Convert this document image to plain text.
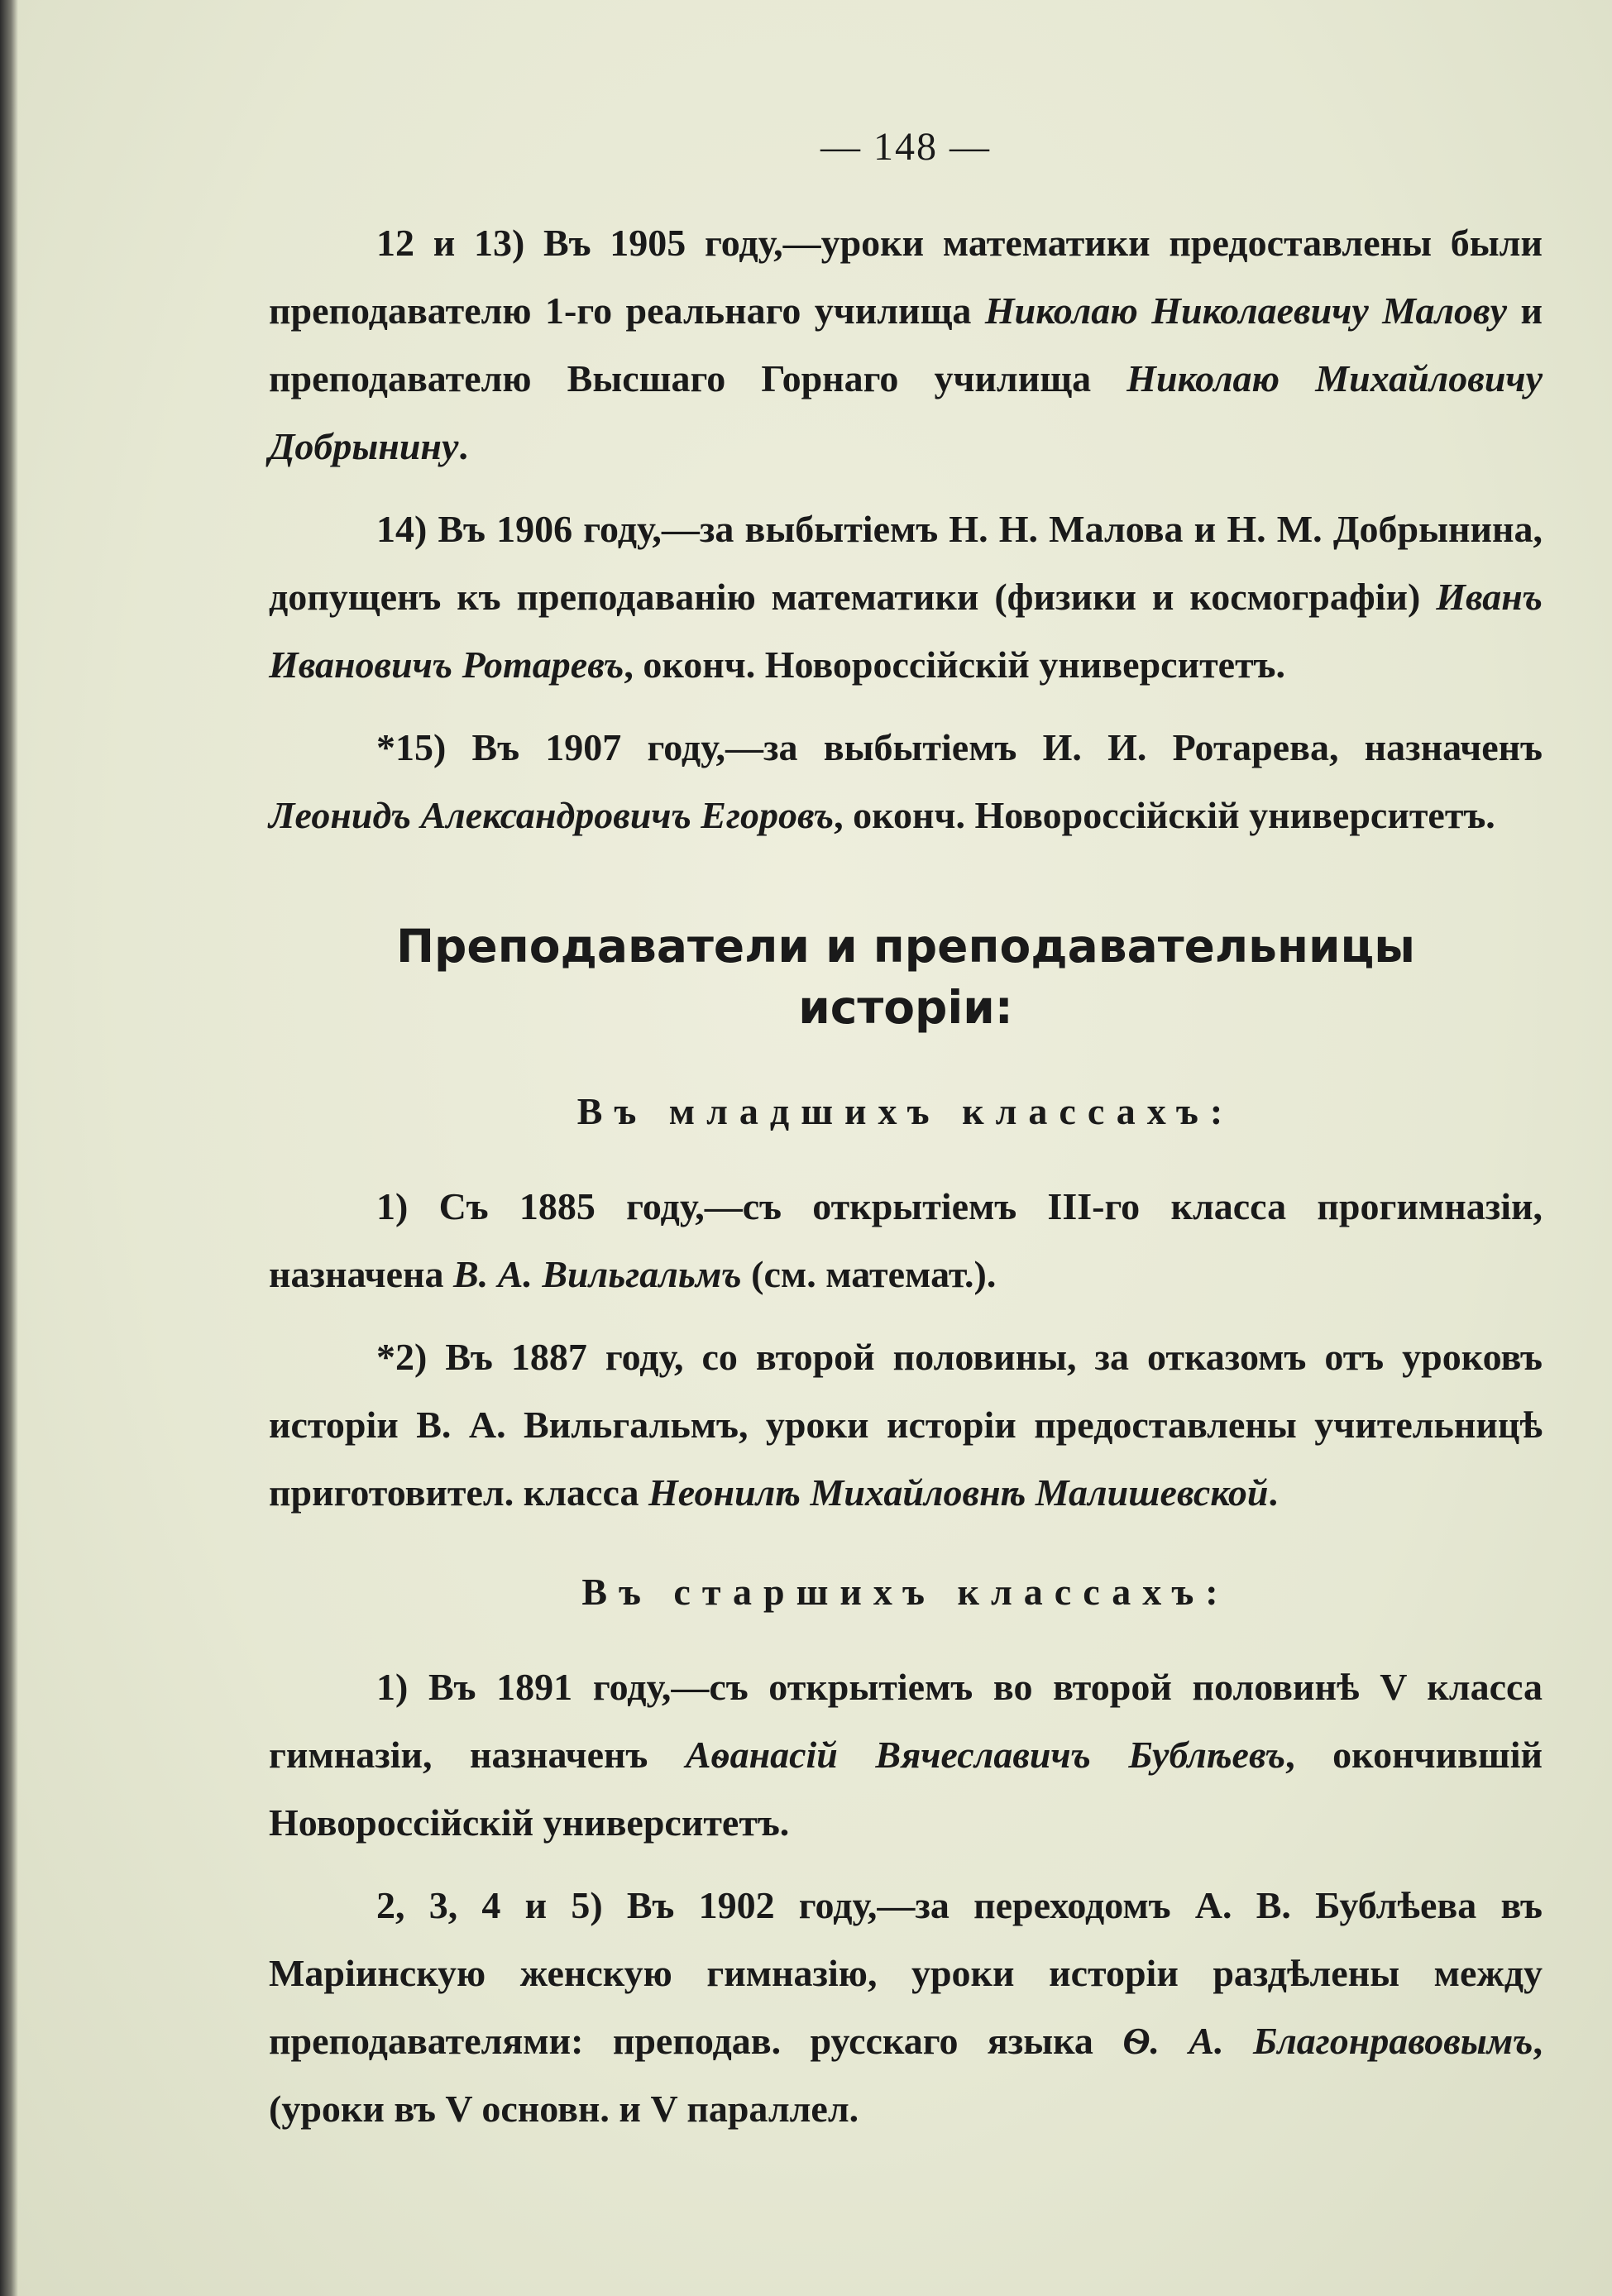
— 148 —

12 и 13) Въ 1905 году,—уроки математики предоставлены были преподавателю 1-го реальнаго училища Николаю Николаевичу Малову и преподавателю Высшаго Горнаго училища Николаю Михайловичу Добрынину.

14) Въ 1906 году,—за выбытіемъ Н. Н. Малова и Н. М. Добрынина, допущенъ къ преподаванію математики (физики и космографіи) Иванъ Ивановичъ Ротаревъ, оконч. Новороссійскій университетъ.

*15) Въ 1907 году,—за выбытіемъ И. И. Ротарева, назначенъ Леонидъ Александровичъ Егоровъ, оконч. Новороссійскій университетъ.

Преподаватели и преподавательницы
исторіи:
Въ младшихъ классахъ:

1) Съ 1885 году,—съ открытіемъ III-го класса прогимназіи, назначена В. А. Вильгальмъ (см. математ.).

*2) Въ 1887 году, со второй половины, за отказомъ отъ уроковъ исторіи В. А. Вильгальмъ, уроки исторіи предоставлены учительницѣ приготовител. класса Неонилѣ Михайловнѣ Малишевской.

Въ старшихъ классахъ:

1) Въ 1891 году,—съ открытіемъ во второй половинѣ V класса гимназіи, назначенъ Аѳанасій Вячеславичъ Бублѣевъ, окончившій Новороссійскій университетъ.

2, 3, 4 и 5) Въ 1902 году,—за переходомъ А. В. Бублѣева въ Маріинскую женскую гимназію, уроки исторіи раздѣлены между преподавателями: преподав. русскаго языка Ѳ. А. Благонравовымъ, (уроки въ V основн. и V параллел.
